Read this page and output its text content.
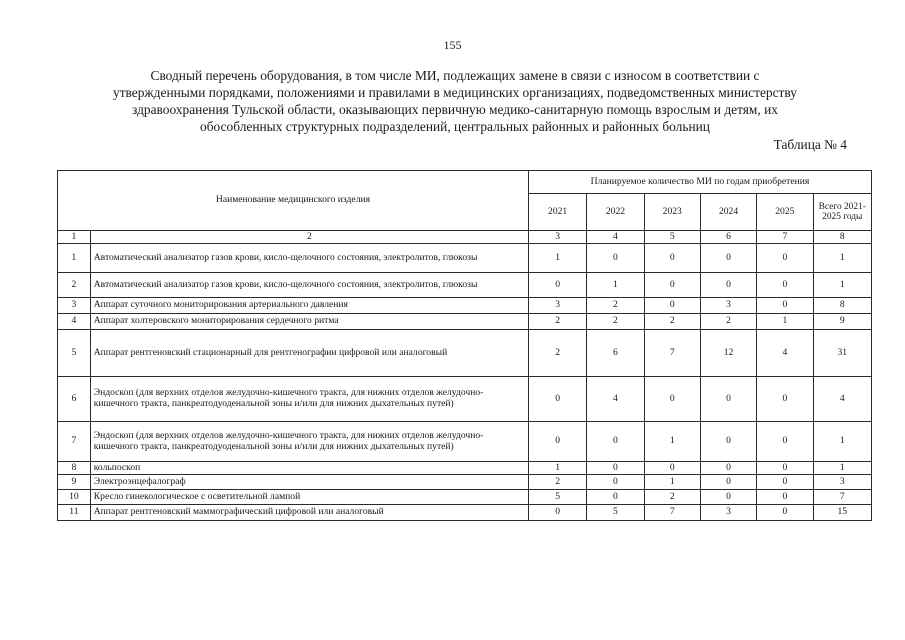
155
Сводный перечень оборудования, в том числе МИ, подлежащих замене в связи с износом в соответствии с
утвержденными порядками, положениями и правилами в медицинских организациях, подведомственных министерству
здравоохранения Тульской области, оказывающих первичную медико-санитарную помощь взрослым и детям, их
обособленных структурных подразделений, центральных районных и районных больниц
Таблица № 4
Наименование медицинского изделия		Планируемое количество МИ по годам приобретения					
		2021	2022	2023	2024	2025	Всего 2021-2025 годы
1	2	3	4	5	6	7	8
1	Автоматический анализатор газов крови, кисло-щелочного состояния, электролитов, глюкозы	1	0	0	0	0	1
2	Автоматический анализатор газов крови, кисло-щелочного состояния, электролитов, глюкозы	0	1	0	0	0	1
3	Аппарат суточного мониторирования артериального давления	3	2	0	3	0	8
4	Аппарат холтеровского мониторирования сердечного ритма	2	2	2	2	1	9
5	Аппарат рентгеновский стационарный для рентгенографии цифровой или аналоговый	2	6	7	12	4	31
6	Эндоскоп (для верхних отделов желудочно-кишечного тракта, для нижних отделов желудочно-кишечного тракта, панкреатодуоденальной зоны и/или для нижних дыхательных путей)	0	4	0	0	0	4
7	Эндоскоп (для верхних отделов желудочно-кишечного тракта, для нижних отделов желудочно-кишечного тракта, панкреатодуоденальной зоны и/или для нижних дыхательных путей)	0	0	1	0	0	1
8	кольпоскоп	1	0	0	0	0	1
9	Электроэнцефалограф	2	0	1	0	0	3
10	Кресло гинекологическое с осветительной лампой	5	0	2	0	0	7
11	Аппарат рентгеновский маммографический цифровой или аналоговый	0	5	7	3	0	15
